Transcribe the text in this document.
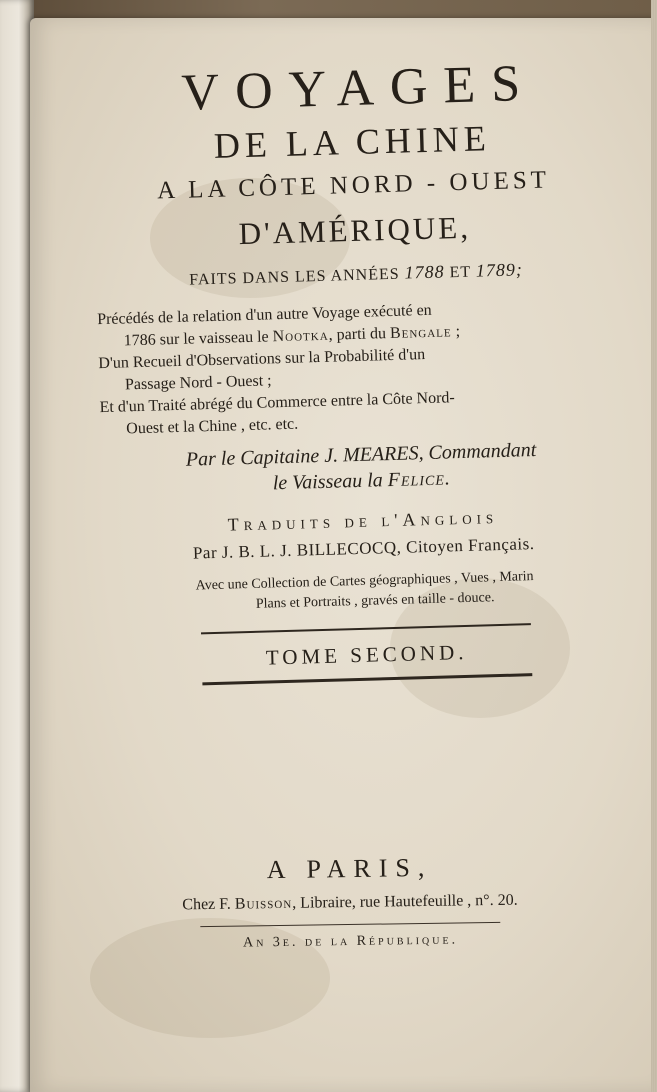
VOYAGES

DE LA CHINE

A LA CÔTE NORD - OUEST

D'AMÉRIQUE,

FAITS DANS LES ANNÉES 1788 ET 1789;

Précédés de la relation d'un autre Voyage exécuté en
1786 sur le vaisseau le Nootka, parti du Bengale ;
D'un Recueil d'Observations sur la Probabilité d'un
Passage Nord - Ouest ;
Et d'un Traité abrégé du Commerce entre la Côte Nord-
Ouest et la Chine , etc. etc.

Par le Capitaine J. MEARES, Commandant

le Vaisseau la Felice.

Traduits de l'Anglois

Par J. B. L. J. BILLECOCQ, Citoyen Français.

Avec une Collection de Cartes géographiques , Vues , Marin

Plans et Portraits , gravés en taille - douce.

TOME SECOND.

A PARIS,

Chez F. Buisson, Libraire, rue Hautefeuille , n°. 20.

An 3e. de la République.
